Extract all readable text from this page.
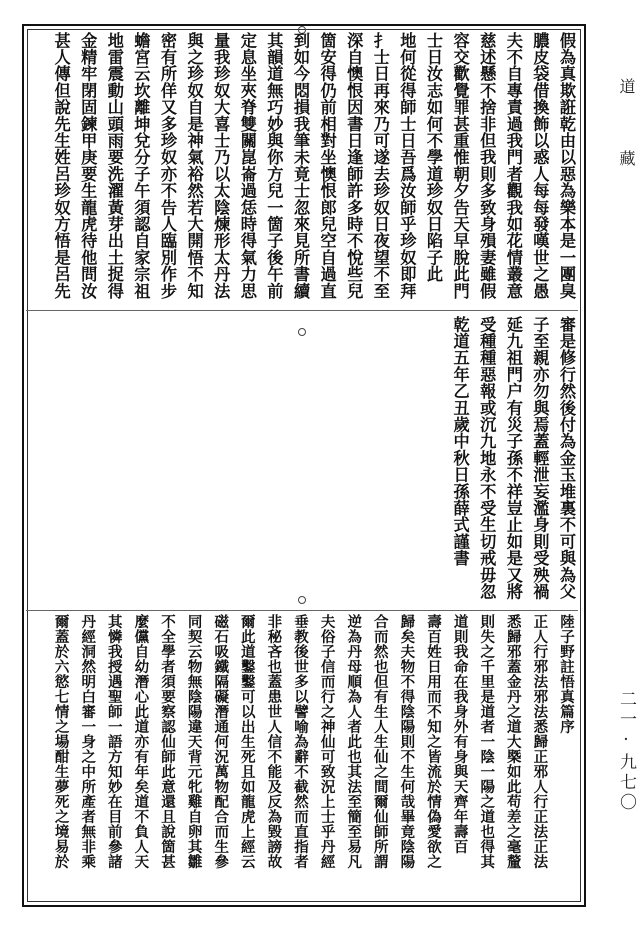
道
藏
二一·九七〇
假為真欺誑乾由以惡為樂本是一團臭
膿皮袋借換飾以惑人每每發嘆世之愚
夫不自專責過我門者觀我如花情叢意
慈述懸不捨非但我則多致身殞妻雖假
容交歡覺罪甚重惟朝夕告天早脫此門
士日汝志如何不學道珍奴日陷子此
地何從得師士日吾爲汝師乎珍奴即拜
扌士日再來乃可遂去珍奴日夜望不至
深自懊恨因書日逢師許多時不悅些兒
箇安得仍前相對坐懊恨郎兒空自過直
到如今悶損我筆未竟士忽來見所書續
其韻道無巧妙與你方兒一箇子後午前
定息坐夾脊雙關崑崙過恁時得氣力思
量我珍奴大喜士乃以太陰煉形太丹法
與之珍奴自是神氣裕然若大開悟不知
密有所佯又多珍奴亦不告人臨別作步
蟾宮云坎離坤兌分子午須認自家宗祖
地雷震動山頭雨要洗濯黃芽出土捉得
金精牢閉固鍊甲庚要生龍虎待他問汝
甚人傳但說先生姓呂珍奴方悟是呂先
審是修行然後付為金玉堆裏不可與為父
子至親亦勿與焉蓋輕泄妄濫身則受殃禍
延九祖門户有災子孫不祥豈止如是又將
受種種惡報或沉九地永不受生切戒毋忽
乾道五年乙丑歲中秋日孫薛式謹書
陸子野註悟真篇序
正人行邪法邪法悉歸正邪人行正法正法
悉歸邪蓋金丹之道大槩如此苟差之毫釐
則失之千里是道者一陰一陽之道也得其
道則我命在我身外有身與天齊年壽百
壽百姓日用而不知之皆流於情偽愛欲之
歸矣夫物不得陰陽則不生何哉畢竟陰陽
合而然也但有生人生仙之間爾仙師所謂
逆為丹母順為人者此也其法至簡至易凡
夫俗子信而行之神仙可致況上士乎丹經
垂教後世多以譬喻為辭不截然而直指者
非秘吝也蓋患世人信不能及反為毀謗故
爾此道鑿鑿可以出生死且如龍虎上經云
磁石吸鐵隔礙潛通何況萬物配合而生參
同契云物無陰陽違天背元牝雞自卵其雛
不全學者須要察認仙師此意還且說箇甚
麼儻自幼潛心此道亦有年矣道不負人天
其憐我授遇聖師一語方知妙在目前參諸
丹經洞然明白審一身之中所產者無非乘
爾蓋於六慾七情之場酣生夢死之境易於
